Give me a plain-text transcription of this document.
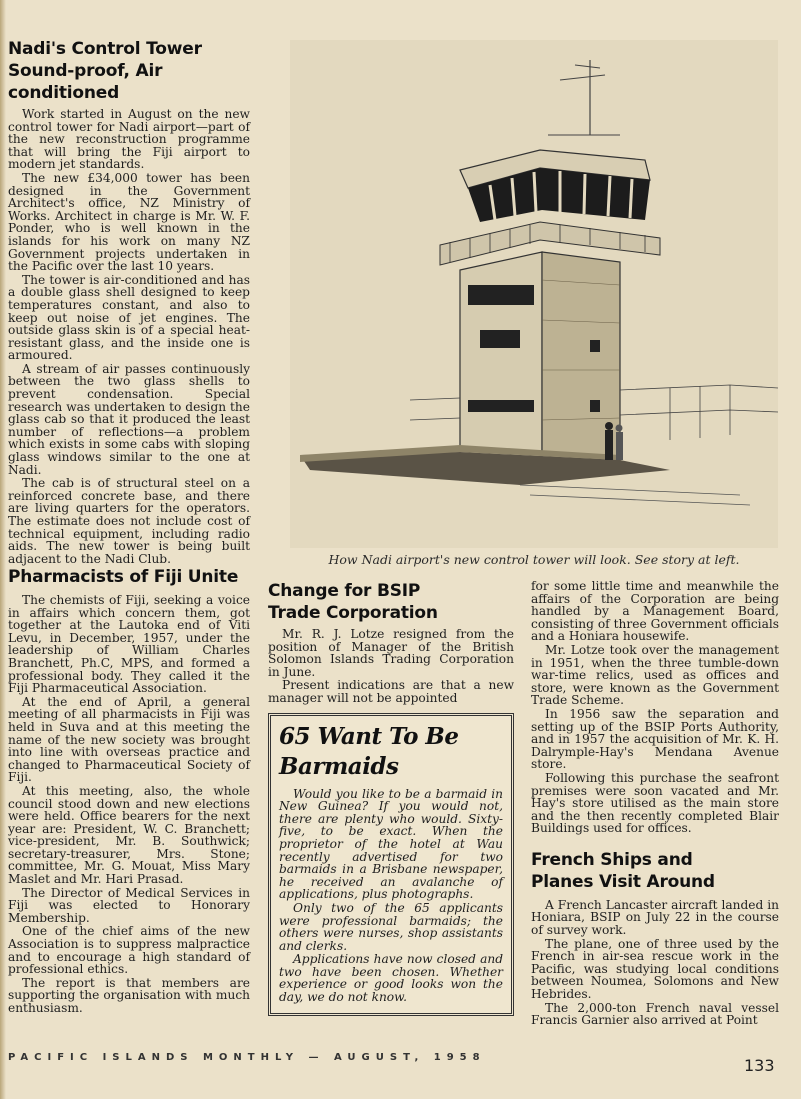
Nadi's Control Tower
Sound-proof, Air conditioned

Work started in August on the new control tower for Nadi airport—part of the new reconstruction programme that will bring the Fiji airport to modern jet standards.

The new £34,000 tower has been designed in the Government Architect's office, NZ Ministry of Works. Architect in charge is Mr. W. F. Ponder, who is well known in the islands for his work on many NZ Government projects undertaken in the Pacific over the last 10 years.

The tower is air-conditioned and has a double glass shell designed to keep temperatures constant, and also to keep out noise of jet engines. The outside glass skin is of a special heat-resistant glass, and the inside one is armoured.

A stream of air passes continuously between the two glass shells to prevent condensation. Special research was undertaken to design the glass cab so that it produced the least number of reflections—a problem which exists in some cabs with sloping glass windows similar to the one at Nadi.

The cab is of structural steel on a reinforced concrete base, and there are living quarters for the operators. The estimate does not include cost of technical equipment, including radio aids. The new tower is being built adjacent to the Nadi Club.	How Nadi airport's new control tower will look. See story at left.
Pharmacists of Fiji Unite

The chemists of Fiji, seeking a voice in affairs which concern them, got together at the Lautoka end of Viti Levu, in December, 1957, under the leadership of William Charles Branchett, Ph.C, MPS, and formed a professional body. They called it the Fiji Pharmaceutical Association.

At the end of April, a general meeting of all pharmacists in Fiji was held in Suva and at this meeting the name of the new society was brought into line with overseas practice and changed to Pharmaceutical Society of Fiji.

At this meeting, also, the whole council stood down and new elections were held. Office bearers for the next year are: President, W. C. Branchett; vice-president, Mr. B. Southwick; secretary-treasurer, Mrs. Stone; committee, Mr. G. Mouat, Miss Mary Maslet and Mr. Hari Prasad.

The Director of Medical Services in Fiji was elected to Honorary Membership.

One of the chief aims of the new Association is to suppress malpractice and to encourage a high standard of professional ethics.

The report is that members are supporting the organisation with much enthusiasm.

Change for BSIP
Trade Corporation

Mr. R. J. Lotze resigned from the position of Manager of the British Solomon Islands Trading Corporation in June.

Present indications are that a new manager will not be appointed

65 Want To Be
Barmaids

Would you like to be a barmaid in New Guinea? If you would not, there are plenty who would. Sixty-five, to be exact. When the proprietor of the hotel at Wau recently advertised for two barmaids in a Brisbane newspaper, he received an avalanche of applications, plus photographs.

Only two of the 65 applicants were professional barmaids; the others were nurses, shop assistants and clerks.

Applications have now closed and two have been chosen. Whether experience or good looks won the day, we do not know.

for some little time and meanwhile the affairs of the Corporation are being handled by a Management Board, consisting of three Government officials and a Honiara housewife.

Mr. Lotze took over the management in 1951, when the three tumble-down war-time relics, used as offices and store, were known as the Government Trade Scheme.

In 1956 saw the separation and setting up of the BSIP Ports Authority, and in 1957 the acquisition of Mr. K. H. Dalrymple-Hay's Mendana Avenue store.

Following this purchase the seafront premises were soon vacated and Mr. Hay's store utilised as the main store and the then recently completed Blair Buildings used for offices.

French Ships and
Planes Visit Around

A French Lancaster aircraft landed in Honiara, BSIP on July 22 in the course of survey work.

The plane, one of three used by the French in air-sea rescue work in the Pacific, was studying local conditions between Noumea, Solomons and New Hebrides.

The 2,000-ton French naval vessel Francis Garnier also arrived at Point

PACIFIC ISLANDS MONTHLY — AUGUST, 1958	133
